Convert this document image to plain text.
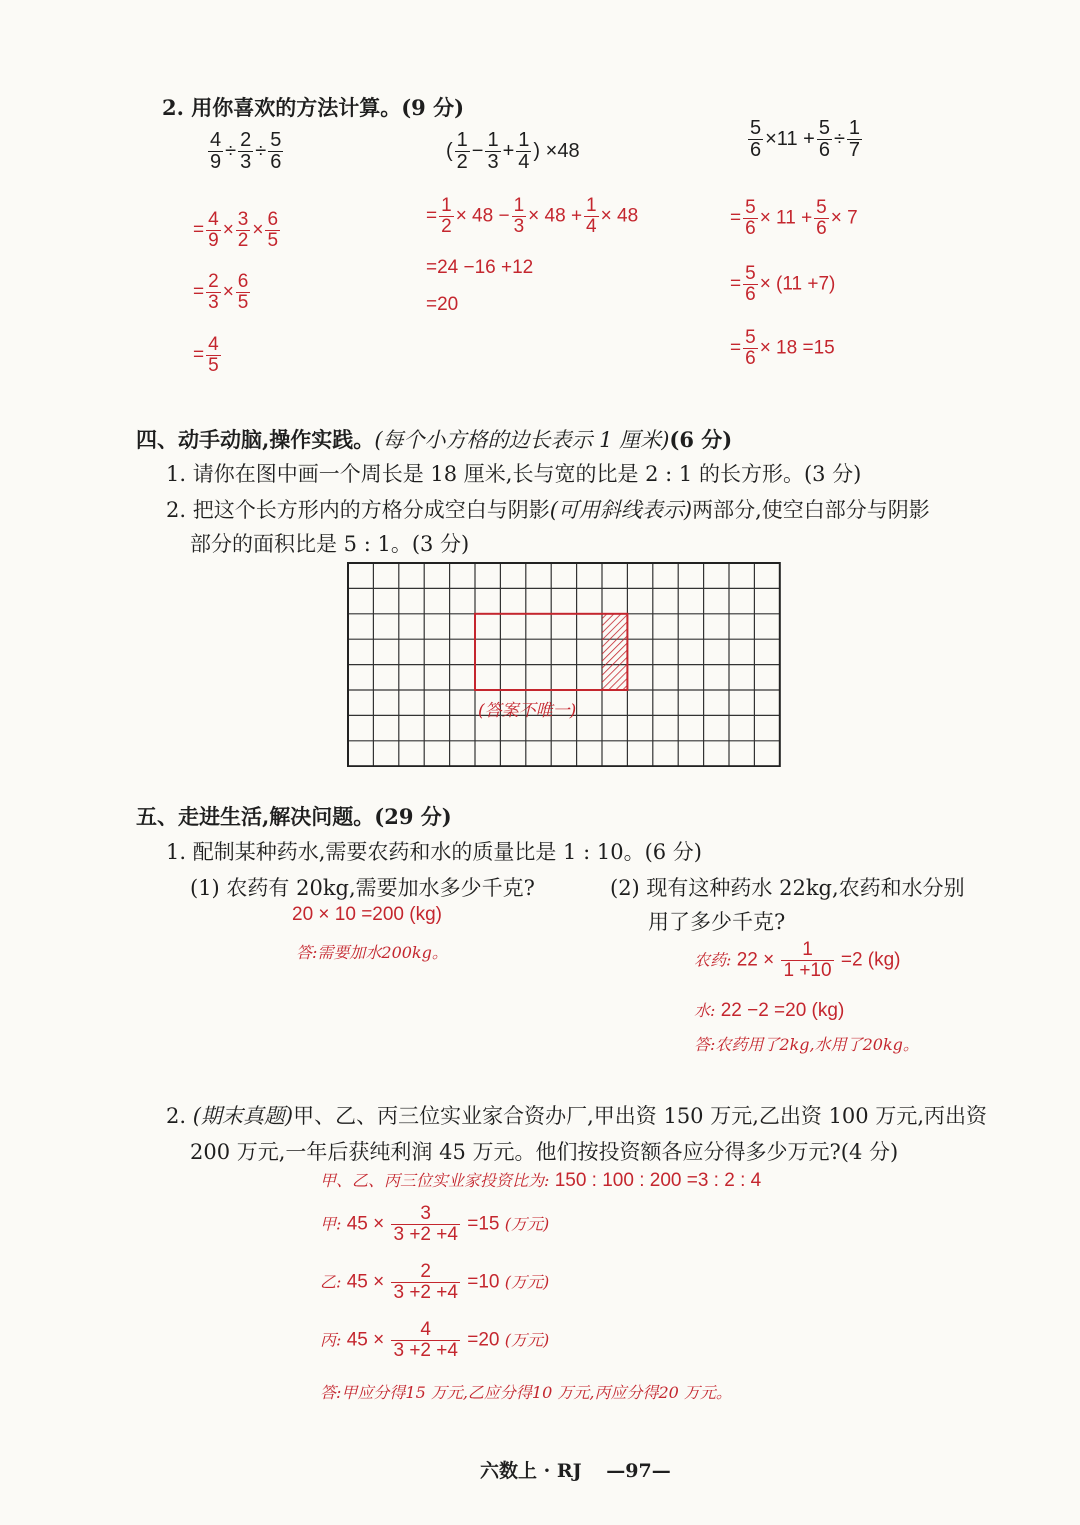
2. 用你喜欢的方法计算。(9 分)
$\frac{4}{9} \div \frac{2}{3} \div \frac{5}{6}$	( $\frac{1}{2} - \frac{1}{3} + \frac{1}{4}$ ) ×48	$\frac{5}{6} \times 11 + \frac{5}{6} \div \frac{1}{7}$
= $\frac{4}{9} \times \frac{3}{2} \times \frac{6}{5}$
= $\frac{2}{3} \times \frac{6}{5}$
= $\frac{4}{5}$
= $\frac{1}{2} \times 48 - \frac{1}{3} \times 48 + \frac{1}{4} \times 48$
=24 −16 +12
=20
= $\frac{5}{6} \times 11 + \frac{5}{6} \times 7$
= $\frac{5}{6} \times (11 +7)$
= $\frac{5}{6} \times 18 =15$
四、动手动脑,操作实践。(每个小方格的边长表示 1 厘米)(6 分)
1. 请你在图中画一个周长是 18 厘米,长与宽的比是 2 : 1 的长方形。(3 分)
2. 把这个长方形内的方格分成空白与阴影(可用斜线表示)两部分,使空白部分与阴影
部分的面积比是 5 : 1。(3 分)
(答案不唯一)
五、走进生活,解决问题。(29 分)
1. 配制某种药水,需要农药和水的质量比是 1 : 10。(6 分)
(1) 农药有 20kg,需要加水多少千克?
20 × 10 =200 (kg)
答:需要加水200kg。
(2) 现有这种药水 22kg,农药和水分别
用了多少千克?
农药: $22 \times \frac{1}{1 +10} =2$ (kg)
水: 22 −2 =20 (kg)
答:农药用了2kg,水用了20kg。
2. (期末真题)甲、乙、丙三位实业家合资办厂,甲出资 150 万元,乙出资 100 万元,丙出资
200 万元,一年后获纯利润 45 万元。他们按投资额各应分得多少万元?(4 分)
甲、乙、丙三位实业家投资比为: 150 : 100 : 200 =3 : 2 : 4
甲: $45 \times \frac{3}{3 +2 +4} =15$ (万元)
乙: $45 \times \frac{2}{3 +2 +4} =10$ (万元)
丙: $45 \times \frac{4}{3 +2 +4} =20$ (万元)
答:甲应分得15 万元,乙应分得10 万元,丙应分得20 万元。
六数上 · RJ —97—
